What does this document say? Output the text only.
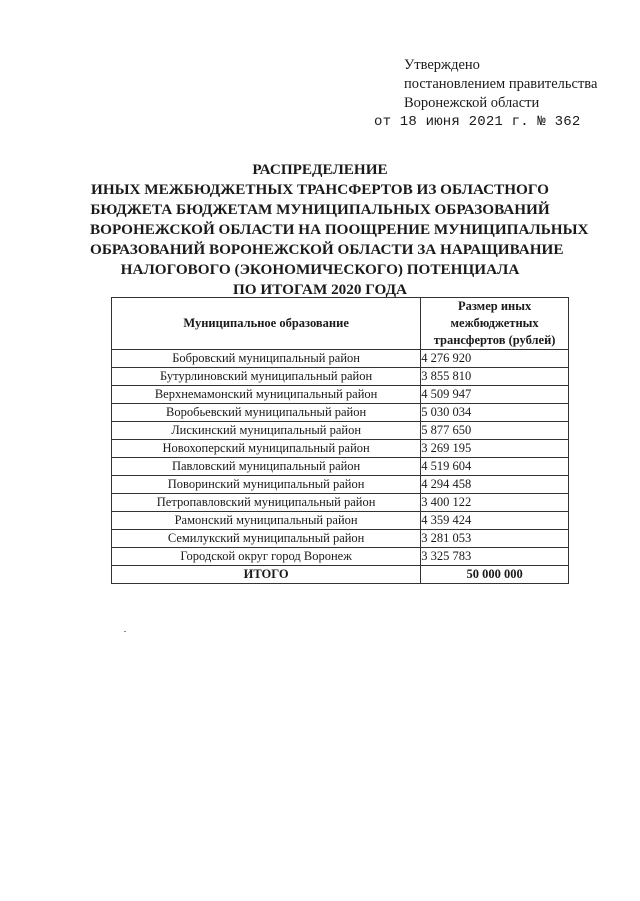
Утверждено
постановлением правительства
Воронежской области
от 18 июня 2021 г. № 362
РАСПРЕДЕЛЕНИЕ
ИНЫХ МЕЖБЮДЖЕТНЫХ ТРАНСФЕРТОВ ИЗ ОБЛАСТНОГО
БЮДЖЕТА БЮДЖЕТАМ МУНИЦИПАЛЬНЫХ ОБРАЗОВАНИЙ
ВОРОНЕЖСКОЙ ОБЛАСТИ НА ПООЩРЕНИЕ МУНИЦИПАЛЬНЫХ
ОБРАЗОВАНИЙ ВОРОНЕЖСКОЙ ОБЛАСТИ ЗА НАРАЩИВАНИЕ
НАЛОГОВОГО (ЭКОНОМИЧЕСКОГО) ПОТЕНЦИАЛА
ПО ИТОГАМ 2020 ГОДА
Муниципальное образование	Размер иных
межбюджетных
трансфертов (рублей)

Бобровский муниципальный район	4 276 920
Бутурлиновский муниципальный район	3 855 810
Верхнемамонский муниципальный район	4 509 947
Воробьевский муниципальный район	5 030 034
Лискинский муниципальный район	5 877 650
Новохоперский муниципальный район	3 269 195
Павловский муниципальный район	4 519 604
Поворинский муниципальный район	4 294 458
Петропавловский муниципальный район	3 400 122
Рамонский муниципальный район	4 359 424
Семилукский муниципальный район	3 281 053
Городской округ город Воронеж	3 325 783
ИТОГО	50 000 000
